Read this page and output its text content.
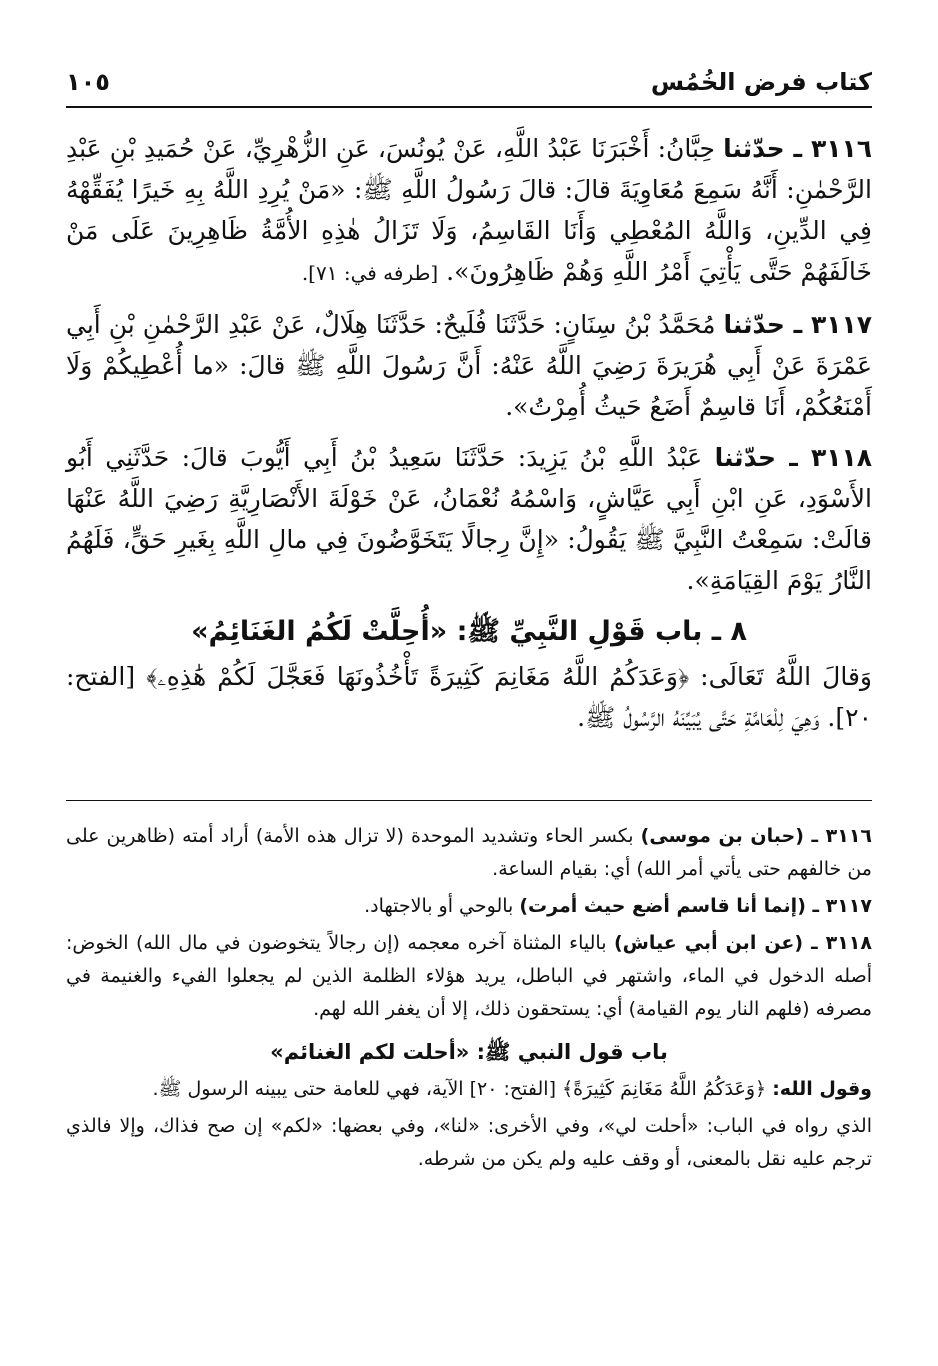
كتاب فرض الخُمُس
١٠٥

٣١١٦ ـ حدّثنا حِبَّانُ: أَخْبَرَنَا عَبْدُ اللَّهِ، عَنْ يُونُسَ، عَنِ الزُّهْرِيِّ، عَنْ حُمَيدِ بْنِ عَبْدِ الرَّحْمٰنِ: أَنَّهُ سَمِعَ مُعَاوِيَةَ قالَ: قالَ رَسُولُ اللَّهِ ﷺ: «مَنْ يُرِدِ اللَّهُ بِهِ خَيرًا يُفَقِّهْهُ فِي الدِّينِ، وَاللَّهُ المُعْطِي وَأَنَا القَاسِمُ، وَلَا تَزَالُ هٰذِهِ الأُمَّةُ ظَاهِرِينَ عَلَى مَنْ خَالَفَهُمْ حَتَّى يَأْتِيَ أَمْرُ اللَّهِ وَهُمْ ظَاهِرُونَ». [طرفه في: ٧١].

٣١١٧ ـ حدّثنا مُحَمَّدُ بْنُ سِنَانٍ: حَدَّثَنَا فُلَيحٌ: حَدَّثَنَا هِلَالٌ، عَنْ عَبْدِ الرَّحْمٰنِ بْنِ أَبِي عَمْرَةَ عَنْ أَبِي هُرَيرَةَ رَضِيَ اللَّهُ عَنْهُ: أَنَّ رَسُولَ اللَّهِ ﷺ قالَ: «ما أُعْطِيكُمْ وَلَا أَمْنَعُكُمْ، أَنَا قاسِمٌ أَضَعُ حَيثُ أُمِرْتُ».

٣١١٨ ـ حدّثنا عَبْدُ اللَّهِ بْنُ يَزِيدَ: حَدَّثَنَا سَعِيدُ بْنُ أَبِي أَيُّوبَ قالَ: حَدَّثَنِي أَبُو الأَسْوَدِ، عَنِ ابْنِ أَبِي عَيَّاشٍ، وَاسْمُهُ نُعْمَانُ، عَنْ خَوْلَةَ الأَنْصَارِيَّةِ رَضِيَ اللَّهُ عَنْهَا قالَتْ: سَمِعْتُ النَّبِيَّ ﷺ يَقُولُ: «إِنَّ رِجالًا يَتَخَوَّضُونَ فِي مالِ اللَّهِ بِغَيرِ حَقٍّ، فَلَهُمُ النَّارُ يَوْمَ القِيَامَةِ».

٨ ـ باب قَوْلِ النَّبِيِّ ﷺ: «أُحِلَّتْ لَكُمُ الغَنَائِمُ»

وَقالَ اللَّهُ تَعَالَى: ﴿وَعَدَكُمُ اللَّهُ مَغَانِمَ كَثِيرَةً تَأْخُذُونَهَا فَعَجَّلَ لَكُمْ هَٰذِهِۦ﴾ [الفتح: ٢٠]. وَهِيَ لِلْعَامَّةِ حَتَّى يُبَيِّنَهُ الرَّسُولُ ﷺ.

٣١١٦ ـ (حبان بن موسى) بكسر الحاء وتشديد الموحدة (لا تزال هذه الأمة) أراد أمته (ظاهرين على من خالفهم حتى يأتي أمر الله) أي: بقيام الساعة.

٣١١٧ ـ (إنما أنا قاسم أضع حيث أمرت) بالوحي أو بالاجتهاد.

٣١١٨ ـ (عن ابن أبي عياش) بالياء المثناة آخره معجمه (إن رجالاً يتخوضون في مال الله) الخوض: أصله الدخول في الماء، واشتهر في الباطل، يريد هؤلاء الظلمة الذين لم يجعلوا الفيء والغنيمة في مصرفه (فلهم النار يوم القيامة) أي: يستحقون ذلك، إلا أن يغفر الله لهم.

باب قول النبي ﷺ: «أحلت لكم الغنائم»

وقول الله: ﴿وَعَدَكُمُ اللَّهُ مَغَانِمَ كَثِيرَةً﴾ [الفتح: ٢٠] الآية، فهي للعامة حتى يبينه الرسول ﷺ.

الذي رواه في الباب: «أحلت لي»، وفي الأخرى: «لنا»، وفي بعضها: «لكم» إن صح فذاك، وإلا فالذي ترجم عليه نقل بالمعنى، أو وقف عليه ولم يكن من شرطه.
